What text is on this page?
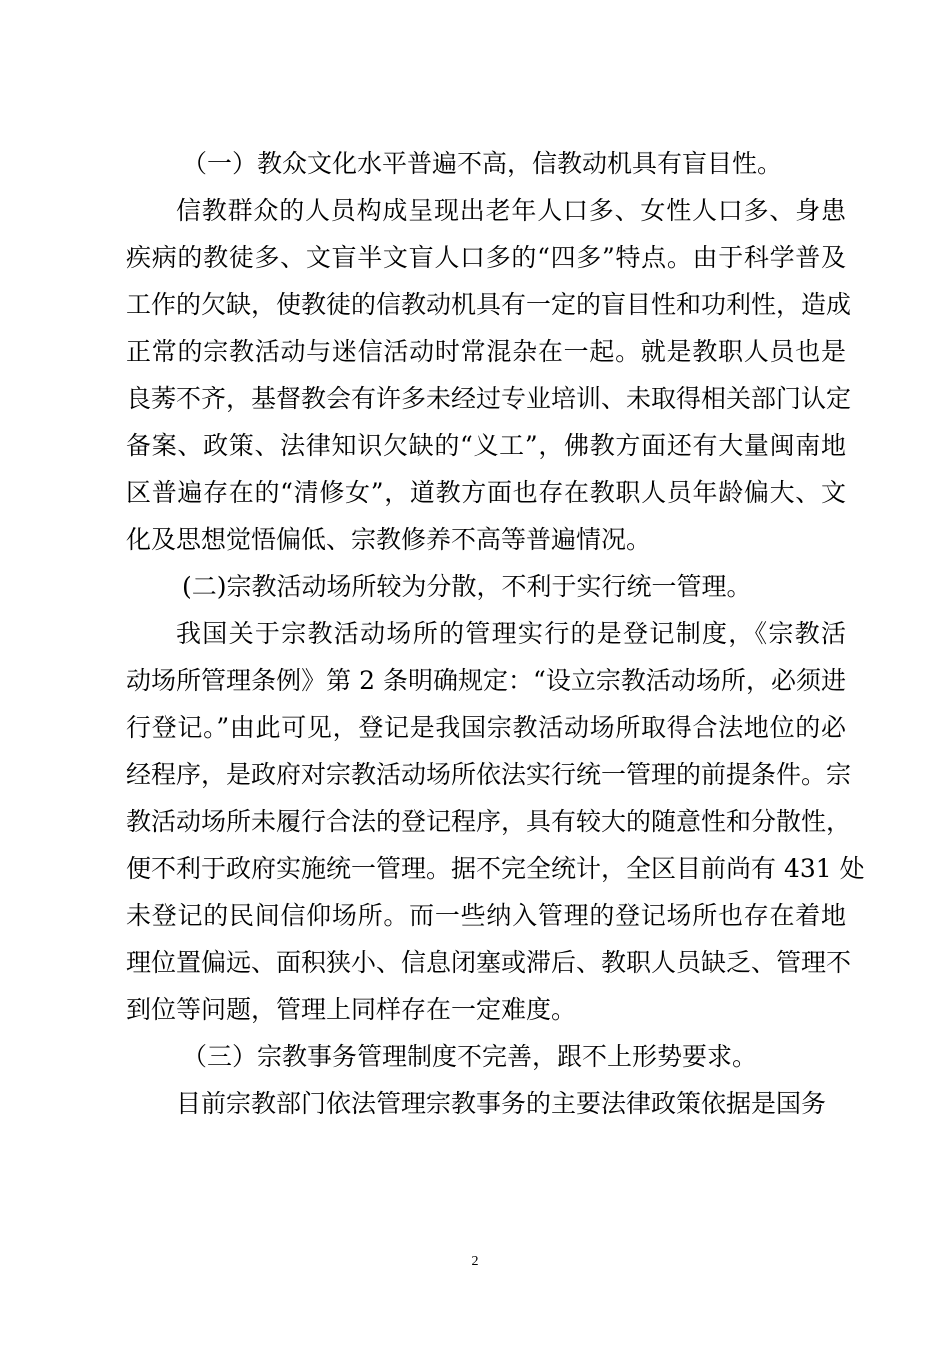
（一）教众文化水平普遍不高，信教动机具有盲目性。

信教群众的人员构成呈现出老年人口多、女性人口多、身患
疾病的教徒多、文盲半文盲人口多的“四多”特点。由于科学普及
工作的欠缺，使教徒的信教动机具有一定的盲目性和功利性，造成
正常的宗教活动与迷信活动时常混杂在一起。就是教职人员也是
良莠不齐，基督教会有许多未经过专业培训、未取得相关部门认定
备案、政策、法律知识欠缺的“义工”，佛教方面还有大量闽南地
区普遍存在的“清修女”，道教方面也存在教职人员年龄偏大、文
化及思想觉悟偏低、宗教修养不高等普遍情况。

(二)宗教活动场所较为分散，不利于实行统一管理。

我国关于宗教活动场所的管理实行的是登记制度，《宗教活
动场所管理条例》第 2 条明确规定：“设立宗教活动场所，必须进
行登记。”由此可见，登记是我国宗教活动场所取得合法地位的必
经程序，是政府对宗教活动场所依法实行统一管理的前提条件。宗
教活动场所未履行合法的登记程序，具有较大的随意性和分散性，
便不利于政府实施统一管理。据不完全统计，全区目前尚有 431 处
未登记的民间信仰场所。而一些纳入管理的登记场所也存在着地
理位置偏远、面积狭小、信息闭塞或滞后、教职人员缺乏、管理不
到位等问题，管理上同样存在一定难度。

（三）宗教事务管理制度不完善，跟不上形势要求。

目前宗教部门依法管理宗教事务的主要法律政策依据是国务

2
